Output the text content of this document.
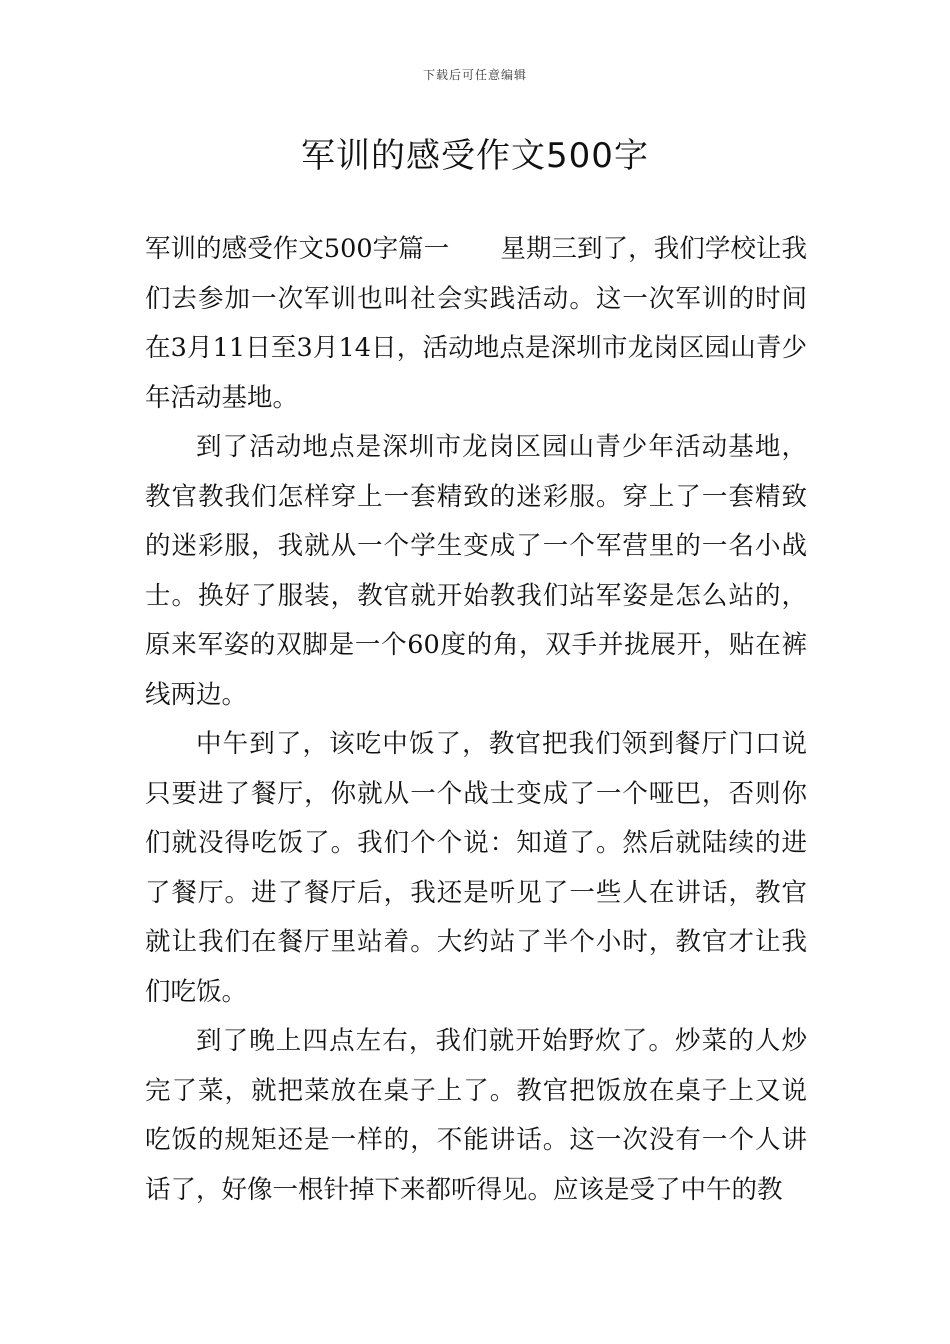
下载后可任意编辑
军训的感受作文500字

军训的感受作文500字篇一　　星期三到了，我们学校让我们去参加一次军训也叫社会实践活动。这一次军训的时间在3月11日至3月14日，活动地点是深圳市龙岗区园山青少年活动基地。

到了活动地点是深圳市龙岗区园山青少年活动基地，教官教我们怎样穿上一套精致的迷彩服。穿上了一套精致的迷彩服，我就从一个学生变成了一个军营里的一名小战士。换好了服装，教官就开始教我们站军姿是怎么站的，原来军姿的双脚是一个60度的角，双手并拢展开，贴在裤线两边。

中午到了，该吃中饭了，教官把我们领到餐厅门口说只要进了餐厅，你就从一个战士变成了一个哑巴，否则你们就没得吃饭了。我们个个说：知道了。然后就陆续的进了餐厅。进了餐厅后，我还是听见了一些人在讲话，教官就让我们在餐厅里站着。大约站了半个小时，教官才让我们吃饭。

到了晚上四点左右，我们就开始野炊了。炒菜的人炒完了菜，就把菜放在桌子上了。教官把饭放在桌子上又说吃饭的规矩还是一样的，不能讲话。这一次没有一个人讲话了，好像一根针掉下来都听得见。应该是受了中午的教
